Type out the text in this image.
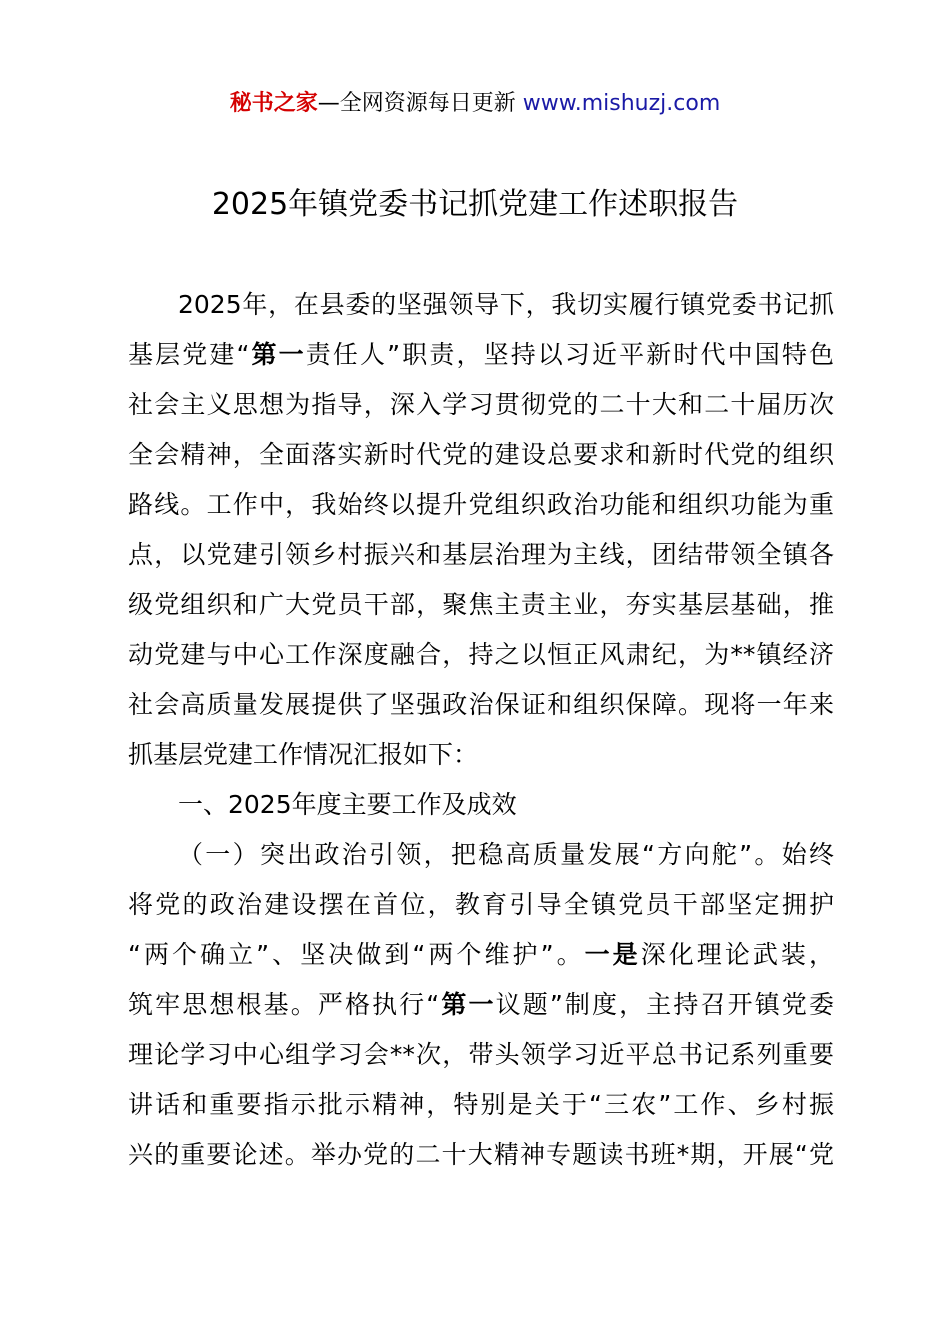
秘书之家—全网资源每日更新 www.mishuzj.com
2025年镇党委书记抓党建工作述职报告
2025年，在县委的坚强领导下，我切实履行镇党委书记抓
基层党建“第一责任人”职责，坚持以习近平新时代中国特色
社会主义思想为指导，深入学习贯彻党的二十大和二十届历次
全会精神，全面落实新时代党的建设总要求和新时代党的组织
路线。工作中，我始终以提升党组织政治功能和组织功能为重
点，以党建引领乡村振兴和基层治理为主线，团结带领全镇各
级党组织和广大党员干部，聚焦主责主业，夯实基层基础，推
动党建与中心工作深度融合，持之以恒正风肃纪，为**镇经济
社会高质量发展提供了坚强政治保证和组织保障。现将一年来
抓基层党建工作情况汇报如下：
一、2025年度主要工作及成效
（一）突出政治引领，把稳高质量发展“方向舵”。始终
将党的政治建设摆在首位，教育引导全镇党员干部坚定拥护
“两个确立”、坚决做到“两个维护”。一是深化理论武装，
筑牢思想根基。严格执行“第一议题”制度，主持召开镇党委
理论学习中心组学习会**次，带头领学习近平总书记系列重要
讲话和重要指示批示精神，特别是关于“三农”工作、乡村振
兴的重要论述。举办党的二十大精神专题读书班*期，开展“党
